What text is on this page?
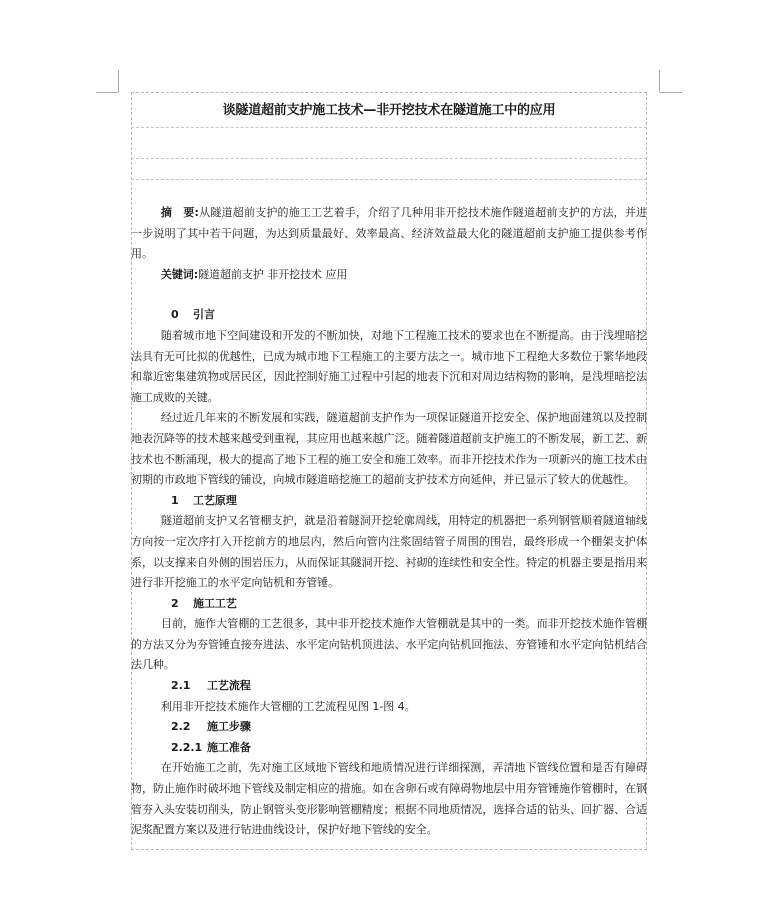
谈隧道超前支护施工技术—非开挖技术在隧道施工中的应用

摘　要:从隧道超前支护的施工工艺着手，介绍了几种用非开挖技术施作隧道超前支护的方法，并进一步说明了其中若干问题，为达到质量最好、效率最高、经济效益最大化的隧道超前支护施工提供参考作用。

关键词:隧道超前支护 非开挖技术 应用

0 引言

随着城市地下空间建设和开发的不断加快，对地下工程施工技术的要求也在不断提高。由于浅埋暗挖法具有无可比拟的优越性，已成为城市地下工程施工的主要方法之一。城市地下工程绝大多数位于繁华地段和靠近密集建筑物或居民区，因此控制好施工过程中引起的地表下沉和对周边结构物的影响，是浅埋暗挖法施工成败的关键。

经过近几年来的不断发展和实践，隧道超前支护作为一项保证隧道开挖安全、保护地面建筑以及控制地表沉降等的技术越来越受到重视，其应用也越来越广泛。随着隧道超前支护施工的不断发展，新工艺、新技术也不断涌现，极大的提高了地下工程的施工安全和施工效率。而非开挖技术作为一项新兴的施工技术由初期的市政地下管线的铺设，向城市隧道暗挖施工的超前支护技术方向延伸，并已显示了较大的优越性。

1 工艺原理

隧道超前支护又名管棚支护，就是沿着隧洞开挖轮廓周线，用特定的机器把一系列钢管顺着隧道轴线方向按一定次序打入开挖前方的地层内，然后向管内注浆固结管子周围的围岩，最终形成一个棚架支护体系，以支撑来自外侧的围岩压力，从而保证其隧洞开挖、衬砌的连续性和安全性。特定的机器主要是指用来进行非开挖施工的水平定向钻机和夯管锤。

2 施工工艺

目前，施作大管棚的工艺很多，其中非开挖技术施作大管棚就是其中的一类。而非开挖技术施作管棚的方法又分为夯管锤直接夯进法、水平定向钻机顶进法、水平定向钻机回拖法、夯管锤和水平定向钻机结合法几种。

2.1 工艺流程

利用非开挖技术施作大管棚的工艺流程见图 1-图 4。

2.2 施工步骤

2.2.1 施工准备

在开始施工之前，先对施工区域地下管线和地质情况进行详细探测，弄清地下管线位置和是否有障碍物，防止施作时破坏地下管线及制定相应的措施。如在含卵石或有障碍物地层中用夯管锤施作管棚时，在钢管夯入头安装切削头，防止钢管头变形影响管棚精度；根据不同地质情况，选择合适的钻头、回扩器、合适泥浆配置方案以及进行钻进曲线设计，保护好地下管线的安全。
